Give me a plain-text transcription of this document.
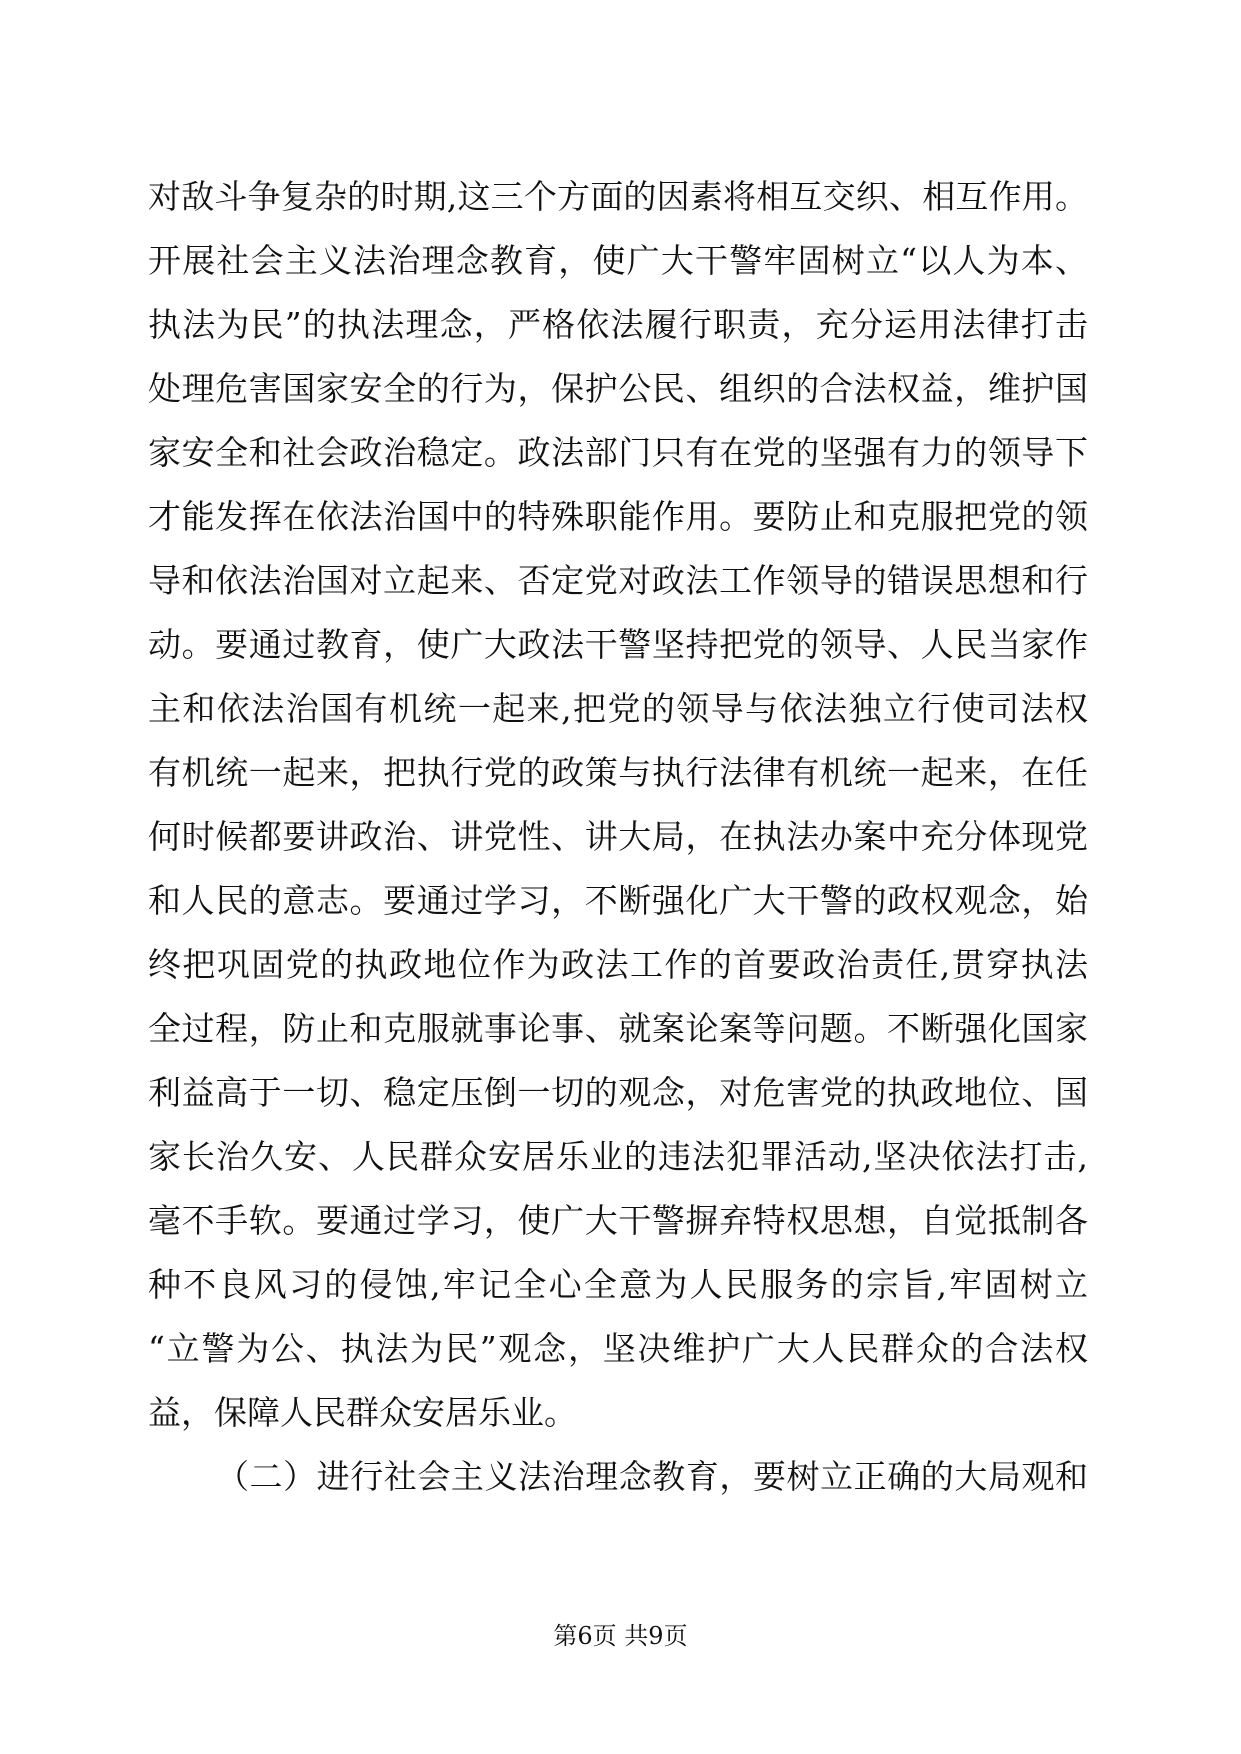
对敌斗争复杂的时期,这三个方面的因素将相互交织、相互作用。
开展社会主义法治理念教育，使广大干警牢固树立“以人为本、
执法为民”的执法理念，严格依法履行职责，充分运用法律打击
处理危害国家安全的行为，保护公民、组织的合法权益，维护国
家安全和社会政治稳定。政法部门只有在党的坚强有力的领导下
才能发挥在依法治国中的特殊职能作用。要防止和克服把党的领
导和依法治国对立起来、否定党对政法工作领导的错误思想和行
动。要通过教育，使广大政法干警坚持把党的领导、人民当家作
主和依法治国有机统一起来,把党的领导与依法独立行使司法权
有机统一起来，把执行党的政策与执行法律有机统一起来，在任
何时候都要讲政治、讲党性、讲大局，在执法办案中充分体现党
和人民的意志。要通过学习，不断强化广大干警的政权观念，始
终把巩固党的执政地位作为政法工作的首要政治责任,贯穿执法
全过程，防止和克服就事论事、就案论案等问题。不断强化国家
利益高于一切、稳定压倒一切的观念，对危害党的执政地位、国
家长治久安、人民群众安居乐业的违法犯罪活动,坚决依法打击,
毫不手软。要通过学习，使广大干警摒弃特权思想，自觉抵制各
种不良风习的侵蚀,牢记全心全意为人民服务的宗旨,牢固树立
“立警为公、执法为民”观念，坚决维护广大人民群众的合法权
益，保障人民群众安居乐业。
（二）进行社会主义法治理念教育，要树立正确的大局观和
第6页 共9页
